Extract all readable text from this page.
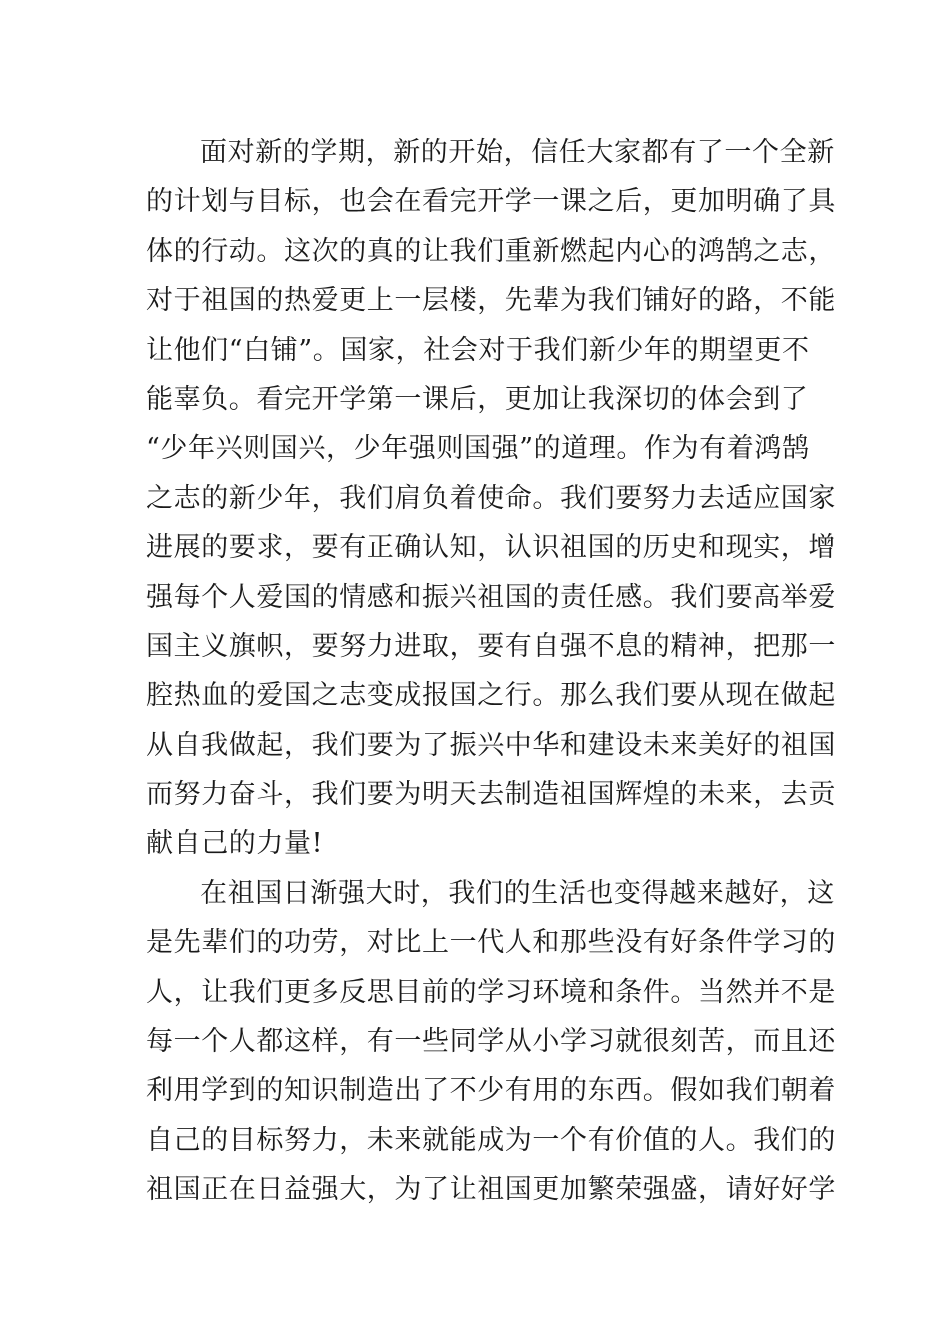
面对新的学期，新的开始，信任大家都有了一个全新
的计划与目标，也会在看完开学一课之后，更加明确了具
体的行动。这次的真的让我们重新燃起内心的鸿鹄之志，
对于祖国的热爱更上一层楼，先辈为我们铺好的路，不能
让他们“白铺”。国家，社会对于我们新少年的期望更不
能辜负。看完开学第一课后，更加让我深切的体会到了
“少年兴则国兴，少年强则国强”的道理。作为有着鸿鹄
之志的新少年，我们肩负着使命。我们要努力去适应国家
进展的要求，要有正确认知，认识祖国的历史和现实，增
强每个人爱国的情感和振兴祖国的责任感。我们要高举爱
国主义旗帜，要努力进取，要有自强不息的精神，把那一
腔热血的爱国之志变成报国之行。那么我们要从现在做起
从自我做起，我们要为了振兴中华和建设未来美好的祖国
而努力奋斗，我们要为明天去制造祖国辉煌的未来，去贡
献自己的力量!
在祖国日渐强大时，我们的生活也变得越来越好，这
是先辈们的功劳，对比上一代人和那些没有好条件学习的
人，让我们更多反思目前的学习环境和条件。当然并不是
每一个人都这样，有一些同学从小学习就很刻苦，而且还
利用学到的知识制造出了不少有用的东西。假如我们朝着
自己的目标努力，未来就能成为一个有价值的人。我们的
祖国正在日益强大，为了让祖国更加繁荣强盛，请好好学
